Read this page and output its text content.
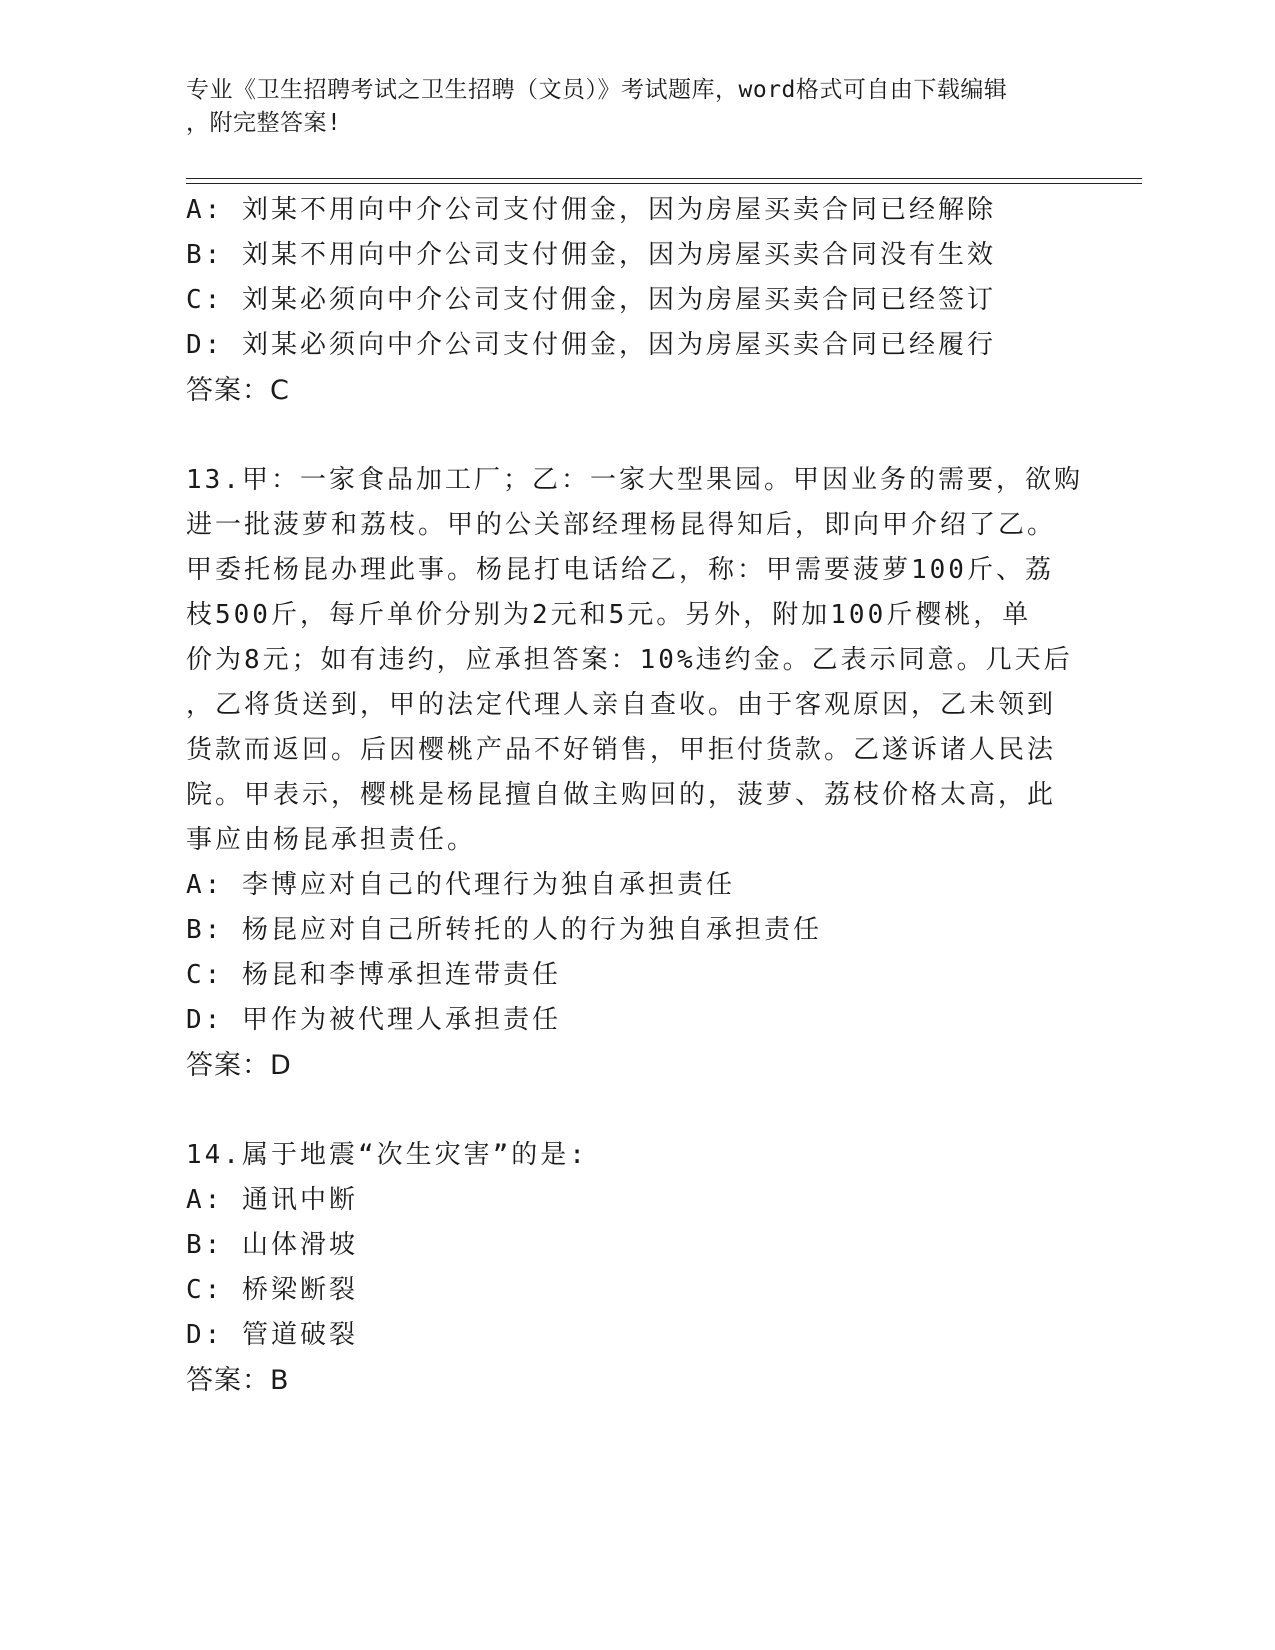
专业《卫生招聘考试之卫生招聘（文员）》考试题库，word格式可自由下载编辑
，附完整答案!
A: 刘某不用向中介公司支付佣金，因为房屋买卖合同已经解除
B: 刘某不用向中介公司支付佣金，因为房屋买卖合同没有生效
C: 刘某必须向中介公司支付佣金，因为房屋买卖合同已经签订
D: 刘某必须向中介公司支付佣金，因为房屋买卖合同已经履行
答案：C
13.甲：一家食品加工厂；乙：一家大型果园。甲因业务的需要，欲购
进一批菠萝和荔枝。甲的公关部经理杨昆得知后，即向甲介绍了乙。
甲委托杨昆办理此事。杨昆打电话给乙，称：甲需要菠萝100斤、荔
枝500斤，每斤单价分别为2元和5元。另外，附加100斤樱桃，单
价为8元；如有违约，应承担答案：10%违约金。乙表示同意。几天后
，乙将货送到，甲的法定代理人亲自查收。由于客观原因，乙未领到
货款而返回。后因樱桃产品不好销售，甲拒付货款。乙遂诉诸人民法
院。甲表示，樱桃是杨昆擅自做主购回的，菠萝、荔枝价格太高，此
事应由杨昆承担责任。
A: 李博应对自己的代理行为独自承担责任
B: 杨昆应对自己所转托的人的行为独自承担责任
C: 杨昆和李博承担连带责任
D: 甲作为被代理人承担责任
答案：D
14.属于地震“次生灾害”的是:
A: 通讯中断
B: 山体滑坡
C: 桥梁断裂
D: 管道破裂
答案：B
